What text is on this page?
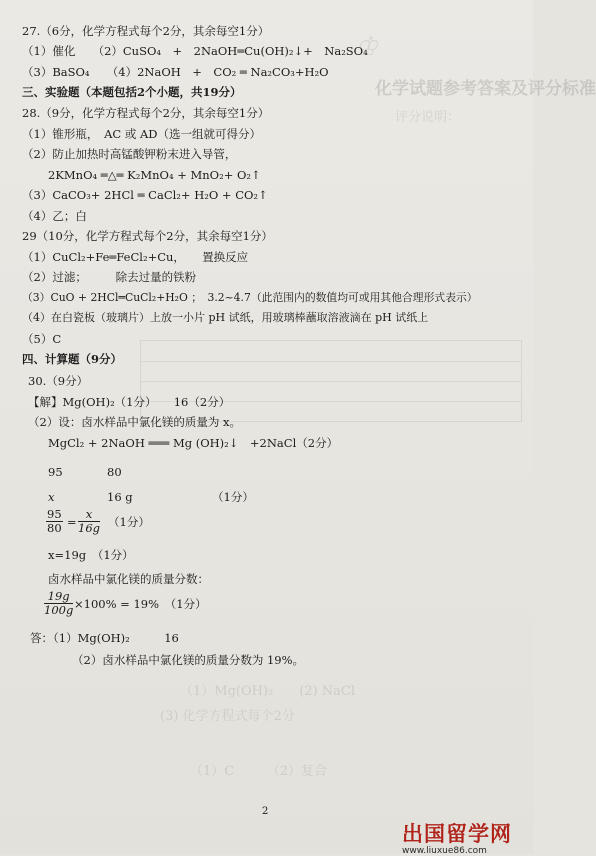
♔
化学试题参考答案及评分标准
评分说明：
27.（6分，化学方程式每个2分，其余每空1分）
（1）催化　　（2）CuSO₄　+　2NaOH═Cu(OH)₂↓+　Na₂SO₄
（3）BaSO₄　　（4）2NaOH　+　CO₂ ═ Na₂CO₃+H₂O
三、实验题（本题包括2个小题，共19分）
28.（9分，化学方程式每个2分，其余每空1分）
（1）锥形瓶，　AC 或 AD（选一组就可得分）
（2）防止加热时高锰酸钾粉末进入导管，
2KMnO₄ ═△═ K₂MnO₄ + MnO₂+ O₂↑
（3）CaCO₃+ 2HCl ═ CaCl₂+ H₂O + CO₂↑
（4）乙；白
29（10分，化学方程式每个2分，其余每空1分）
（1）CuCl₂+Fe═FeCl₂+Cu，　　置换反应
（2）过滤；　　　除去过量的铁粉
（3）CuO + 2HCl═CuCl₂+H₂O ；　3.2~4.7（此范围内的数值均可或用其他合理形式表示）
（4）在白瓷板（玻璃片）上放一小片 pH 试纸，用玻璃棒蘸取溶液滴在 pH 试纸上
（5）C
四、计算题（9分）
30.（9分）
【解】Mg(OH)₂（1分）　　16（2分）
（2）设：卤水样品中氯化镁的质量为 x。
MgCl₂ + 2NaOH ═══ Mg (OH)₂↓　+2NaCl（2分）
95	80
x	16 g	（1分）
$\frac{95}{80} = \frac{x}{16g} (1$分）
x=19g　（1分）
卤水样品中氯化镁的质量分数：
$\frac{19g}{100g} \times 100\% = 19\%$　（1分）
答：（1）Mg(OH)₂　　　16
（2）卤水样品中氯化镁的质量分数为 19%。
（1）Mg(OH)₂　　(2) NaCl
(3) 化学方程式每个2分
（1）C　　　（2）复合
2
出国留学网
www.liuxue86.com
